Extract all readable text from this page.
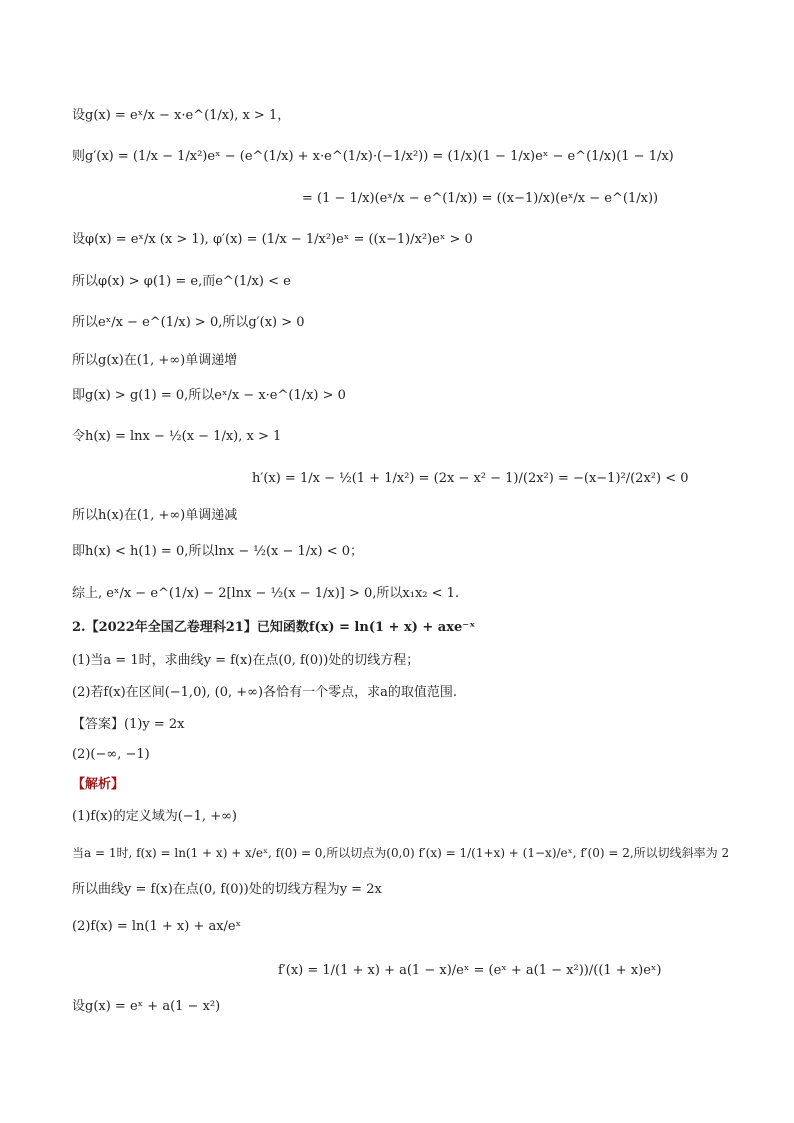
设g(x) = eˣ/x − x·e^(1/x), x > 1，
则g′(x) = (1/x − 1/x²)eˣ − (e^(1/x) + x·e^(1/x)·(−1/x²)) = (1/x)(1 − 1/x)eˣ − e^(1/x)(1 − 1/x)
= (1 − 1/x)(eˣ/x − e^(1/x)) = ((x−1)/x)(eˣ/x − e^(1/x))
设φ(x) = eˣ/x (x > 1), φ′(x) = (1/x − 1/x²)eˣ = ((x−1)/x²)eˣ > 0
所以φ(x) > φ(1) = e,而e^(1/x) < e
所以eˣ/x − e^(1/x) > 0,所以g′(x) > 0
所以g(x)在(1, +∞)单调递增
即g(x) > g(1) = 0,所以eˣ/x − x·e^(1/x) > 0
令h(x) = lnx − ½(x − 1/x), x > 1
h′(x) = 1/x − ½(1 + 1/x²) = (2x − x² − 1)/(2x²) = −(x−1)²/(2x²) < 0
所以h(x)在(1, +∞)单调递减
即h(x) < h(1) = 0,所以lnx − ½(x − 1/x) < 0；
综上, eˣ/x − e^(1/x) − 2[lnx − ½(x − 1/x)] > 0,所以x₁x₂ < 1.
2.【2022年全国乙卷理科21】已知函数f(x) = ln(1 + x) + axe⁻ˣ
(1)当a = 1时，求曲线y = f(x)在点(0, f(0))处的切线方程；
(2)若f(x)在区间(−1,0), (0, +∞)各恰有一个零点，求a的取值范围.
【答案】(1)y = 2x
(2)(−∞, −1)
【解析】
(1)f(x)的定义域为(−1, +∞)
当a = 1时, f(x) = ln(1 + x) + x/eˣ, f(0) = 0,所以切点为(0,0) f′(x) = 1/(1+x) + (1−x)/eˣ, f′(0) = 2,所以切线斜率为 2
所以曲线y = f(x)在点(0, f(0))处的切线方程为y = 2x
(2)f(x) = ln(1 + x) + ax/eˣ
f′(x) = 1/(1 + x) + a(1 − x)/eˣ = (eˣ + a(1 − x²))/((1 + x)eˣ)
设g(x) = eˣ + a(1 − x²)
